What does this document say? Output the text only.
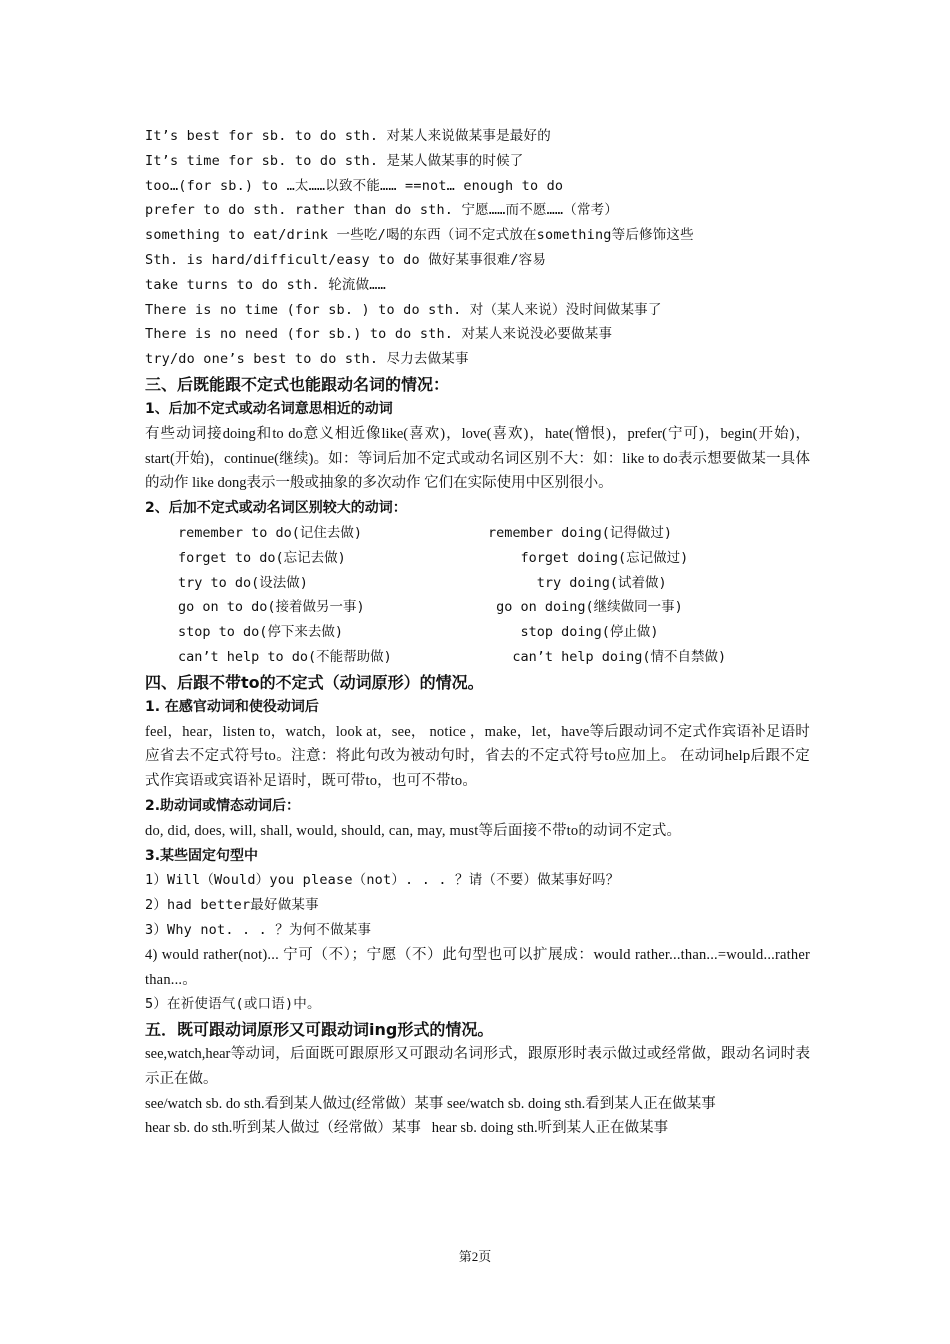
It’s best for sb. to do sth. 对某人来说做某事是最好的
It’s time for sb. to do sth. 是某人做某事的时候了
too…(for sb.) to …太……以致不能…… ==not… enough to do
prefer to do sth. rather than do sth. 宁愿……而不愿……（常考）
something to eat/drink 一些吃/喝的东西（词不定式放在something等后修饰这些
Sth. is hard/difficult/easy to do 做好某事很难/容易
take turns to do sth. 轮流做……
There is no time (for sb. ) to do sth. 对（某人来说）没时间做某事了
There is no need (for sb.) to do sth. 对某人来说没必要做某事
try/do one’s best to do sth. 尽力去做某事
三、后既能跟不定式也能跟动名词的情况：
1、后加不定式或动名词意思相近的动词
有些动词接doing和to do意义相近像like(喜欢)，love(喜欢)，hate(憎恨)，prefer(宁可)，begin(开始)，start(开始)，continue(继续)。如：等词后加不定式或动名词区别不大：如：like to do表示想要做某一具体的动作 like dong表示一般或抽象的多次动作 它们在实际使用中区别很小。
2、后加不定式或动名词区别较大的动词：
remember to do(记住去做)	remember doing(记得做过)
forget to do(忘记去做)	forget doing(忘记做过)
try to do(设法做)	try doing(试着做)
go on to do(接着做另一事)	go on doing(继续做同一事)
stop to do(停下来去做)	stop doing(停止做)
can’t help to do(不能帮助做)	can’t help doing(情不自禁做)
四、后跟不带to的不定式（动词原形）的情况。
1. 在感官动词和使役动词后
feel，hear，listen to，watch，look at，see， notice ，make，let，have等后跟动词不定式作宾语补足语时应省去不定式符号to。注意：将此句改为被动句时，省去的不定式符号to应加上。 在动词help后跟不定式作宾语或宾语补足语时，既可带to，也可不带to。
2.助动词或情态动词后：
do, did, does, will, shall, would, should, can, may, must等后面接不带to的动词不定式。
3.某些固定句型中
1）Will（Would）you please（not）. . . ？请（不要）做某事好吗？
2）had better最好做某事
3）Why not. . . ？为何不做某事
4) would rather(not)... 宁可（不）；宁愿（不）此句型也可以扩展成：would rather...than...=would...rather than...。
5）在祈使语气(或口语)中。
五．既可跟动词原形又可跟动词ing形式的情况。
see,watch,hear等动词，后面既可跟原形又可跟动名词形式，跟原形时表示做过或经常做，跟动名词时表示正在做。
see/watch sb. do sth.看到某人做过(经常做）某事 see/watch sb. doing sth.看到某人正在做某事
hear sb. do sth.听到某人做过（经常做）某事   hear sb. doing sth.听到某人正在做某事
第2页
